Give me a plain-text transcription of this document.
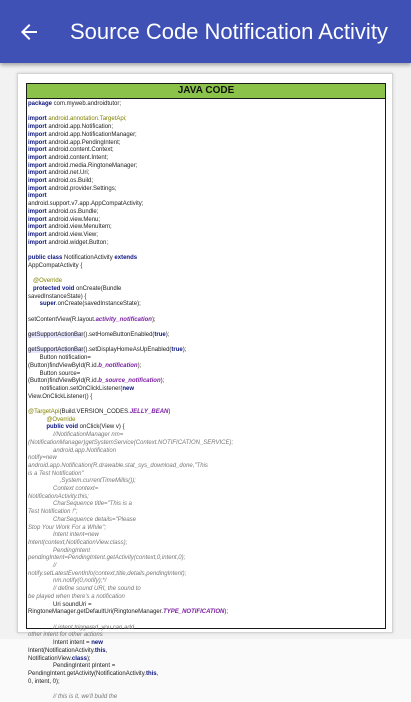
Source Code Notification Activity
JAVA CODE
package com.myweb.androidtutor;
import android.annotation.TargetApi;
import android.app.Notification;
import android.app.NotificationManager;
import android.app.PendingIntent;
import android.content.Context;
import android.content.Intent;
import android.media.RingtoneManager;
import android.net.Uri;
import android.os.Build;
import android.provider.Settings;
import
android.support.v7.app.AppCompatActivity;
import android.os.Bundle;
import android.view.Menu;
import android.view.MenuItem;
import android.view.View;
import android.widget.Button;
public class NotificationActivity extends
AppCompatActivity {
@Override
protected void onCreate(Bundle
savedInstanceState) {
super.onCreate(savedInstanceState);
setContentView(R.layout.activity_notification);
getSupportActionBar().setHomeButtonEnabled(true);
getSupportActionBar().setDisplayHomeAsUpEnabled(true);
Button notification=
(Button)findViewById(R.id.b_notification);
Button source=
(Button)findViewById(R.id.b_source_notification);
notification.setOnClickListener(new
View.OnClickListener() {
@TargetApi(Build.VERSION_CODES.JELLY_BEAN)
@Override
public void onClick(View v) {
//NotificationManager nm=
(NotificationManager)getSystemService(Context.NOTIFICATION_SERVICE);
android.app.Notification
notify=new
android.app.Notification(R.drawable.stat_sys_download_done,"This
is a Test Notification"
,System.currentTimeMillis());
Context context=
NotificationActivity.this;
CharSequence title="This is a
Test Notification !";
CharSequence details="Please
Stop Your Work For a While";
Intent intent=new
Intent(context,NotificationView.class);
PendingIntent
pendingIntent=PendingIntent.getActivity(context,0,intent,0);
//
notify.setLatestEventInfo(context,title,details,pendingIntent);
nm.notify(0,notify);*/
// define sound URI, the sound to
be played when there's a notification
Uri soundUri =
RingtoneManager.getDefaultUri(RingtoneManager.TYPE_NOTIFICATION);
// intent triggered, you can add
other intent for other actions
Intent intent = new
Intent(NotificationActivity.this,
NotificationView.class);
PendingIntent pIntent =
PendingIntent.getActivity(NotificationActivity.this,
0, intent, 0);
// this is it, we'll build the
